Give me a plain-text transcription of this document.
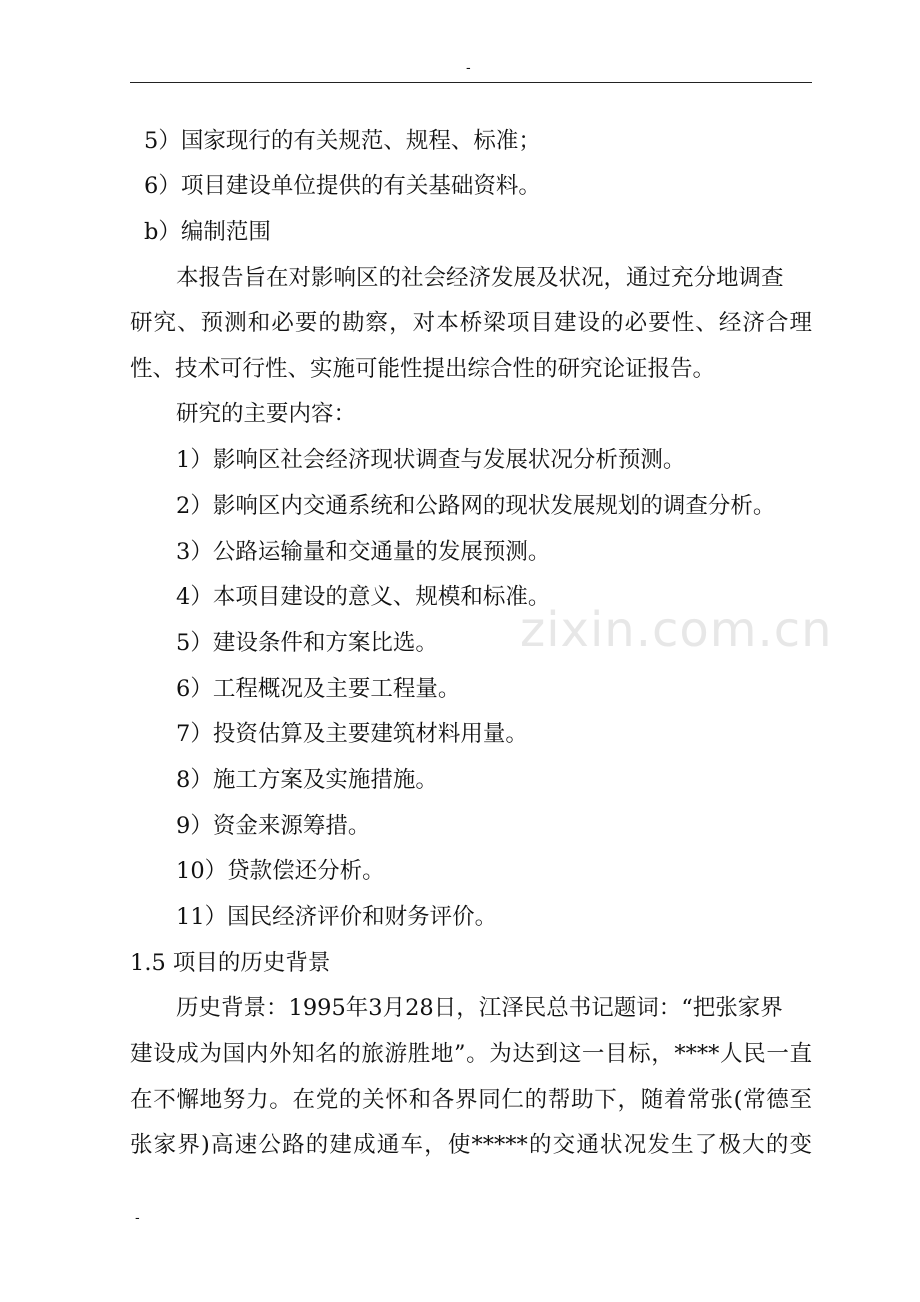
-
zixin.com.cn
5）国家现行的有关规范、规程、标准；
6）项目建设单位提供的有关基础资料。
b）编制范围
本报告旨在对影响区的社会经济发展及状况，通过充分地调查
研究、预测和必要的勘察，对本桥梁项目建设的必要性、经济合理
性、技术可行性、实施可能性提出综合性的研究论证报告。
研究的主要内容：
1）影响区社会经济现状调查与发展状况分析预测。
2）影响区内交通系统和公路网的现状发展规划的调查分析。
3）公路运输量和交通量的发展预测。
4）本项目建设的意义、规模和标准。
5）建设条件和方案比选。
6）工程概况及主要工程量。
7）投资估算及主要建筑材料用量。
8）施工方案及实施措施。
9）资金来源筹措。
10）贷款偿还分析。
11）国民经济评价和财务评价。
1.5 项目的历史背景
历史背景：1995年3月28日，江泽民总书记题词：“把张家界
建设成为国内外知名的旅游胜地”。为达到这一目标，****人民一直
在不懈地努力。在党的关怀和各界同仁的帮助下，随着常张(常德至
张家界)高速公路的建成通车，使*****的交通状况发生了极大的变
-
